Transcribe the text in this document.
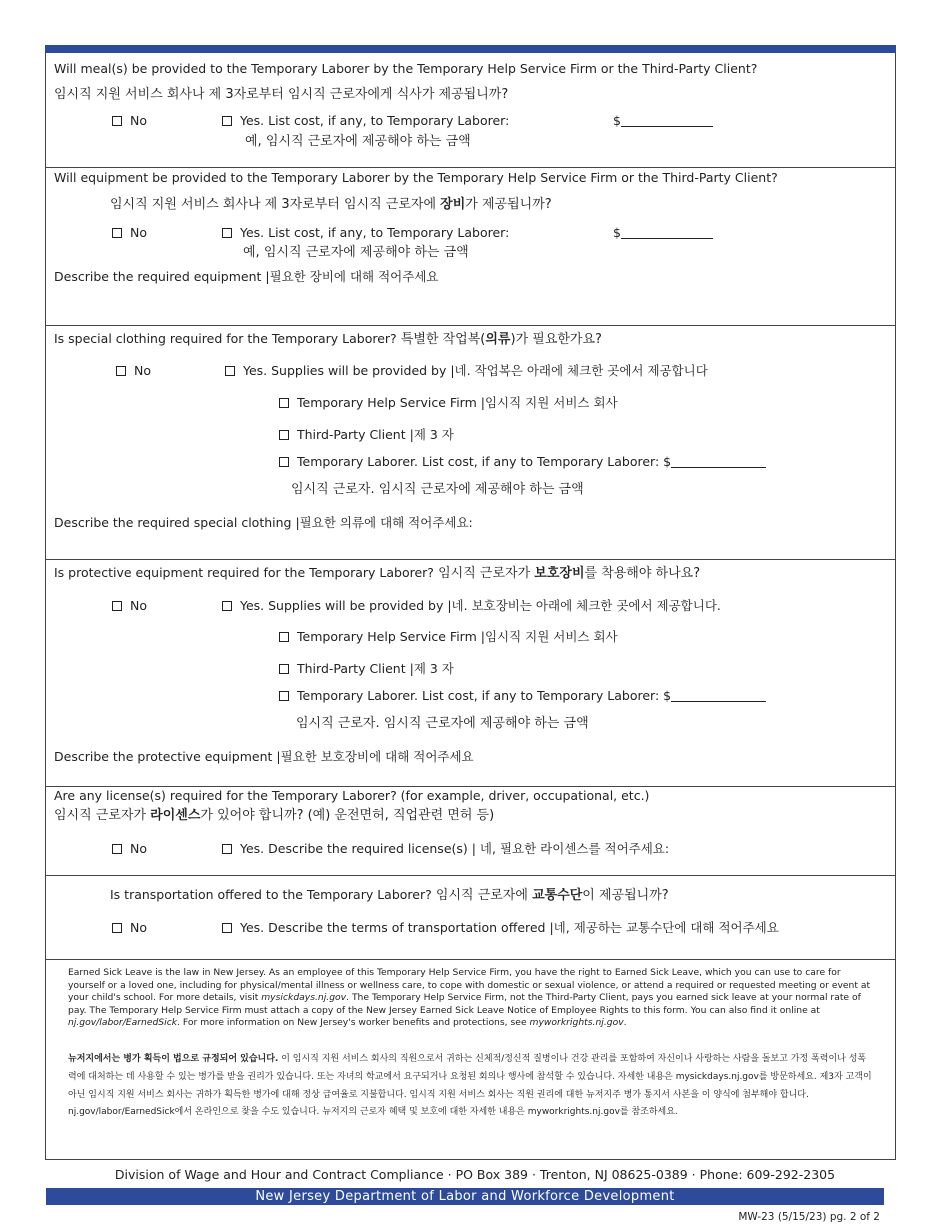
Will meal(s) be provided to the Temporary Laborer by the Temporary Help Service Firm or the Third-Party Client?
임시직 지원 서비스 회사나 제 3자로부터 임시직 근로자에게 식사가 제공됩니까?
No	Yes. List cost, if any, to Temporary Laborer:
예, 임시직 근로자에 제공해야 하는 금액
$
Will equipment be provided to the Temporary Laborer by the Temporary Help Service Firm or the Third-Party Client?
임시직 지원 서비스 회사나 제 3자로부터 임시직 근로자에 장비가 제공됩니까?
No	Yes. List cost, if any, to Temporary Laborer:
예, 임시직 근로자에 제공해야 하는 금액
$
Describe the required equipment |필요한 장비에 대해 적어주세요
Is special clothing required for the Temporary Laborer? 특별한 작업복(의류)가 필요한가요?
No	Yes. Supplies will be provided by |네. 작업복은 아래에 체크한 곳에서 제공합니다
Temporary Help Service Firm |임시직 지원 서비스 회사
Third-Party Client |제 3 자
Temporary Laborer. List cost, if any to Temporary Laborer: $
임시직 근로자. 임시직 근로자에 제공해야 하는 금액
Describe the required special clothing |필요한 의류에 대해 적어주세요:
Is protective equipment required for the Temporary Laborer? 임시직 근로자가 보호장비를 착용해야 하나요?
No	Yes. Supplies will be provided by |네. 보호장비는 아래에 체크한 곳에서 제공합니다.
Temporary Help Service Firm |임시직 지원 서비스 회사
Third-Party Client |제 3 자
Temporary Laborer. List cost, if any to Temporary Laborer: $
임시직 근로자. 임시직 근로자에 제공해야 하는 금액
Describe the protective equipment |필요한 보호장비에 대해 적어주세요
Are any license(s) required for the Temporary Laborer? (for example, driver, occupational, etc.)
임시직 근로자가 라이센스가 있어야 합니까? (예) 운전면허, 직업관련 면허 등)
No	Yes. Describe the required license(s) | 네, 필요한 라이센스를 적어주세요:
Is transportation offered to the Temporary Laborer? 임시직 근로자에 교통수단이 제공됩니까?
No	Yes. Describe the terms of transportation offered |네, 제공하는 교통수단에 대해 적어주세요
Earned Sick Leave is the law in New Jersey. As an employee of this Temporary Help Service Firm, you have the right to Earned Sick Leave, which you can use to care for yourself or a loved one, including for physical/mental illness or wellness care, to cope with domestic or sexual violence, or attend a required or requested meeting or event at your child's school. For more details, visit mysickdays.nj.gov. The Temporary Help Service Firm, not the Third-Party Client, pays you earned sick leave at your normal rate of pay. The Temporary Help Service Firm must attach a copy of the New Jersey Earned Sick Leave Notice of Employee Rights to this form. You can also find it online at nj.gov/labor/EarnedSick. For more information on New Jersey's worker benefits and protections, see myworkrights.nj.gov.
뉴저지에서는 병가 획득이 법으로 규정되어 있습니다. 이 임시직 지원 서비스 회사의 직원으로서 귀하는 신체적/정신적 질병이나 건강 관리를 포함하여 자신이나 사랑하는 사람을 돌보고 가정 폭력이나 성폭력에 대처하는 데 사용할 수 있는 병가를 받을 권리가 있습니다. 또는 자녀의 학교에서 요구되거나 요청된 회의나 행사에 참석할 수 있습니다. 자세한 내용은 mysickdays.nj.gov를 방문하세요. 제3자 고객이 아닌 임시직 지원 서비스 회사는 귀하가 획득한 병가에 대해 정상 급여율로 지불합니다. 임시직 지원 서비스 회사는 직원 권리에 대한 뉴저지주 병가 통지서 사본을 이 양식에 첨부해야 합니다. nj.gov/labor/EarnedSick에서 온라인으로 찾을 수도 있습니다. 뉴저지의 근로자 혜택 및 보호에 대한 자세한 내용은 myworkrights.nj.gov를 참조하세요.
Division of Wage and Hour and Contract Compliance · PO Box 389 · Trenton, NJ 08625-0389 · Phone: 609-292-2305
New Jersey Department of Labor and Workforce Development
MW-23 (5/15/23) pg. 2 of 2
